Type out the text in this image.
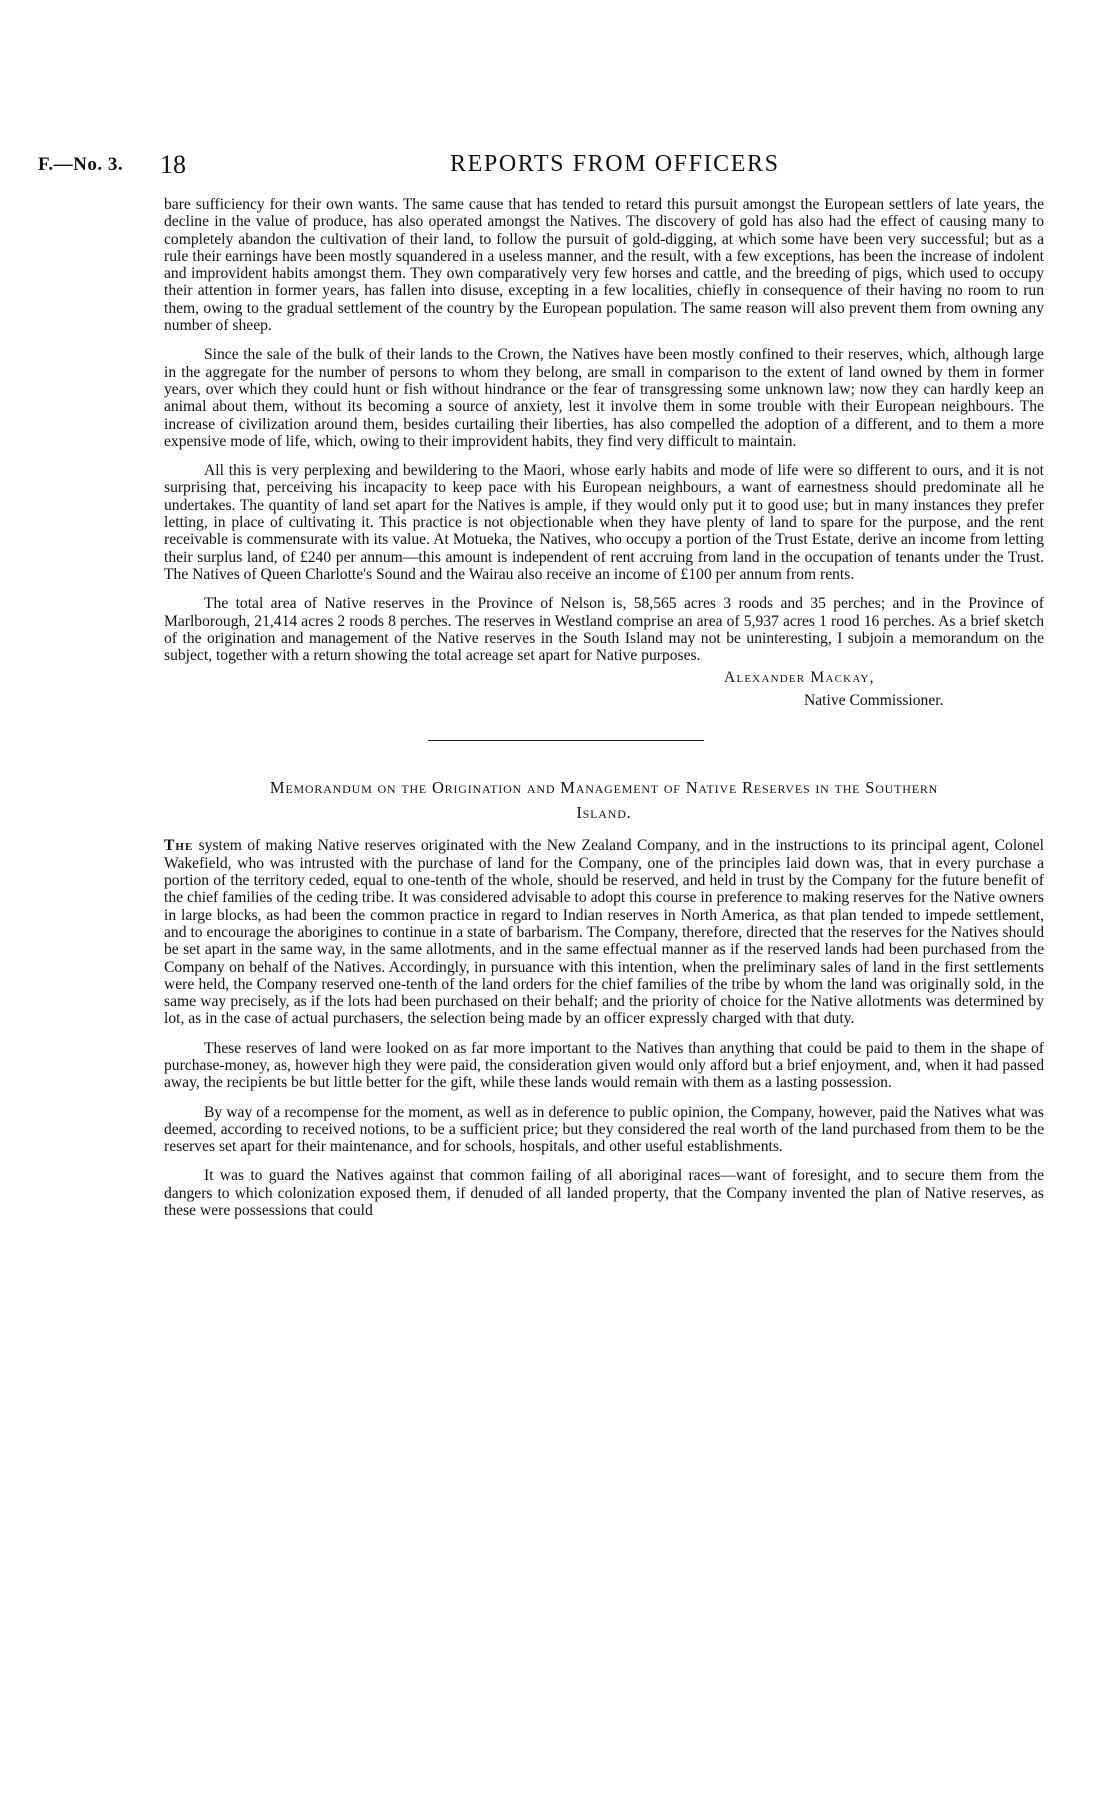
F.—No. 3. 18	REPORTS FROM OFFICERS

bare sufficiency for their own wants. The same cause that has tended to retard this pursuit amongst the European settlers of late years, the decline in the value of produce, has also operated amongst the Natives. The discovery of gold has also had the effect of causing many to completely abandon the cultivation of their land, to follow the pursuit of gold-digging, at which some have been very successful; but as a rule their earnings have been mostly squandered in a useless manner, and the result, with a few exceptions, has been the increase of indolent and improvident habits amongst them. They own comparatively very few horses and cattle, and the breeding of pigs, which used to occupy their attention in former years, has fallen into disuse, excepting in a few localities, chiefly in consequence of their having no room to run them, owing to the gradual settlement of the country by the European population. The same reason will also prevent them from owning any number of sheep.

Since the sale of the bulk of their lands to the Crown, the Natives have been mostly confined to their reserves, which, although large in the aggregate for the number of persons to whom they belong, are small in comparison to the extent of land owned by them in former years, over which they could hunt or fish without hindrance or the fear of transgressing some unknown law; now they can hardly keep an animal about them, without its becoming a source of anxiety, lest it involve them in some trouble with their European neighbours. The increase of civilization around them, besides curtailing their liberties, has also compelled the adoption of a different, and to them a more expensive mode of life, which, owing to their improvident habits, they find very difficult to maintain.

All this is very perplexing and bewildering to the Maori, whose early habits and mode of life were so different to ours, and it is not surprising that, perceiving his incapacity to keep pace with his European neighbours, a want of earnestness should predominate all he undertakes. The quantity of land set apart for the Natives is ample, if they would only put it to good use; but in many instances they prefer letting, in place of cultivating it. This practice is not objectionable when they have plenty of land to spare for the purpose, and the rent receivable is commensurate with its value. At Motueka, the Natives, who occupy a portion of the Trust Estate, derive an income from letting their surplus land, of £240 per annum—this amount is independent of rent accruing from land in the occupation of tenants under the Trust. The Natives of Queen Charlotte's Sound and the Wairau also receive an income of £100 per annum from rents.

The total area of Native reserves in the Province of Nelson is, 58,565 acres 3 roods and 35 perches; and in the Province of Marlborough, 21,414 acres 2 roods 8 perches. The reserves in Westland comprise an area of 5,937 acres 1 rood 16 perches. As a brief sketch of the origination and management of the Native reserves in the South Island may not be uninteresting, I subjoin a memorandum on the subject, together with a return showing the total acreage set apart for Native purposes.

Alexander Mackay,
Native Commissioner.
Memorandum on the Origination and Management of Native Reserves in the Southern
Island.

The system of making Native reserves originated with the New Zealand Company, and in the instructions to its principal agent, Colonel Wakefield, who was intrusted with the purchase of land for the Company, one of the principles laid down was, that in every purchase a portion of the territory ceded, equal to one-tenth of the whole, should be reserved, and held in trust by the Company for the future benefit of the chief families of the ceding tribe. It was considered advisable to adopt this course in preference to making reserves for the Native owners in large blocks, as had been the common practice in regard to Indian reserves in North America, as that plan tended to impede settlement, and to encourage the aborigines to continue in a state of barbarism. The Company, therefore, directed that the reserves for the Natives should be set apart in the same way, in the same allotments, and in the same effectual manner as if the reserved lands had been purchased from the Company on behalf of the Natives. Accordingly, in pursuance with this intention, when the preliminary sales of land in the first settlements were held, the Company reserved one-tenth of the land orders for the chief families of the tribe by whom the land was originally sold, in the same way precisely, as if the lots had been purchased on their behalf; and the priority of choice for the Native allotments was determined by lot, as in the case of actual purchasers, the selection being made by an officer expressly charged with that duty.

These reserves of land were looked on as far more important to the Natives than anything that could be paid to them in the shape of purchase-money, as, however high they were paid, the consideration given would only afford but a brief enjoyment, and, when it had passed away, the recipients be but little better for the gift, while these lands would remain with them as a lasting possession.

By way of a recompense for the moment, as well as in deference to public opinion, the Company, however, paid the Natives what was deemed, according to received notions, to be a sufficient price; but they considered the real worth of the land purchased from them to be the reserves set apart for their maintenance, and for schools, hospitals, and other useful establishments.

It was to guard the Natives against that common failing of all aboriginal races—want of foresight, and to secure them from the dangers to which colonization exposed them, if denuded of all landed property, that the Company invented the plan of Native reserves, as these were possessions that could
